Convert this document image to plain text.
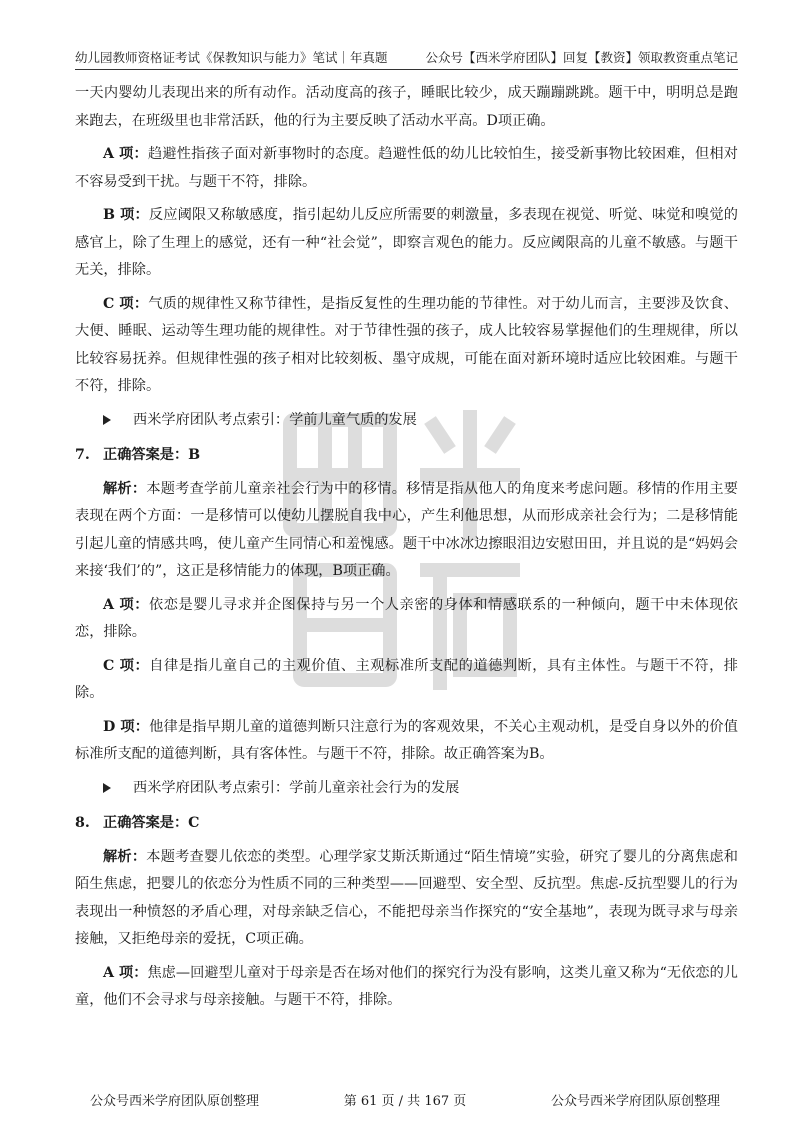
幼儿园教师资格证考试《保教知识与能力》笔试｜年真题	公众号【西米学府团队】回复【教资】领取教资重点笔记

一天内婴幼儿表现出来的所有动作。活动度高的孩子，睡眠比较少，成天蹦蹦跳跳。题干中，明明总是跑来跑去，在班级里也非常活跃，他的行为主要反映了活动水平高。D项正确。

A 项：趋避性指孩子面对新事物时的态度。趋避性低的幼儿比较怕生，接受新事物比较困难，但相对不容易受到干扰。与题干不符，排除。

B 项：反应阈限又称敏感度，指引起幼儿反应所需要的刺激量，多表现在视觉、听觉、味觉和嗅觉的感官上，除了生理上的感觉，还有一种“社会觉”，即察言观色的能力。反应阈限高的儿童不敏感。与题干无关，排除。

C 项：气质的规律性又称节律性，是指反复性的生理功能的节律性。对于幼儿而言，主要涉及饮食、大便、睡眠、运动等生理功能的规律性。对于节律性强的孩子，成人比较容易掌握他们的生理规律，所以比较容易抚养。但规律性强的孩子相对比较刻板、墨守成规，可能在面对新环境时适应比较困难。与题干不符，排除。

西米学府团队考点索引：学前儿童气质的发展
7. 正确答案是：B

解析：本题考查学前儿童亲社会行为中的移情。移情是指从他人的角度来考虑问题。移情的作用主要表现在两个方面：一是移情可以使幼儿摆脱自我中心，产生利他思想，从而形成亲社会行为；二是移情能引起儿童的情感共鸣，使儿童产生同情心和羞愧感。题干中冰冰边擦眼泪边安慰田田，并且说的是“妈妈会来接‘我们’的”，这正是移情能力的体现，B项正确。

A 项：依恋是婴儿寻求并企图保持与另一个人亲密的身体和情感联系的一种倾向，题干中未体现依恋，排除。

C 项：自律是指儿童自己的主观价值、主观标准所支配的道德判断，具有主体性。与题干不符，排除。

D 项：他律是指早期儿童的道德判断只注意行为的客观效果，不关心主观动机，是受自身以外的价值标准所支配的道德判断，具有客体性。与题干不符，排除。故正确答案为B。

西米学府团队考点索引：学前儿童亲社会行为的发展
8. 正确答案是：C

解析：本题考查婴儿依恋的类型。心理学家艾斯沃斯通过“陌生情境”实验，研究了婴儿的分离焦虑和陌生焦虑，把婴儿的依恋分为性质不同的三种类型——回避型、安全型、反抗型。焦虑-反抗型婴儿的行为表现出一种愤怒的矛盾心理，对母亲缺乏信心，不能把母亲当作探究的“安全基地”，表现为既寻求与母亲接触，又拒绝母亲的爱抚，C项正确。

A 项：焦虑—回避型儿童对于母亲是否在场对他们的探究行为没有影响，这类儿童又称为“无依恋的儿童，他们不会寻求与母亲接触。与题干不符，排除。

公众号西米学府团队原创整理	第 61 页 / 共 167 页	公众号西米学府团队原创整理
